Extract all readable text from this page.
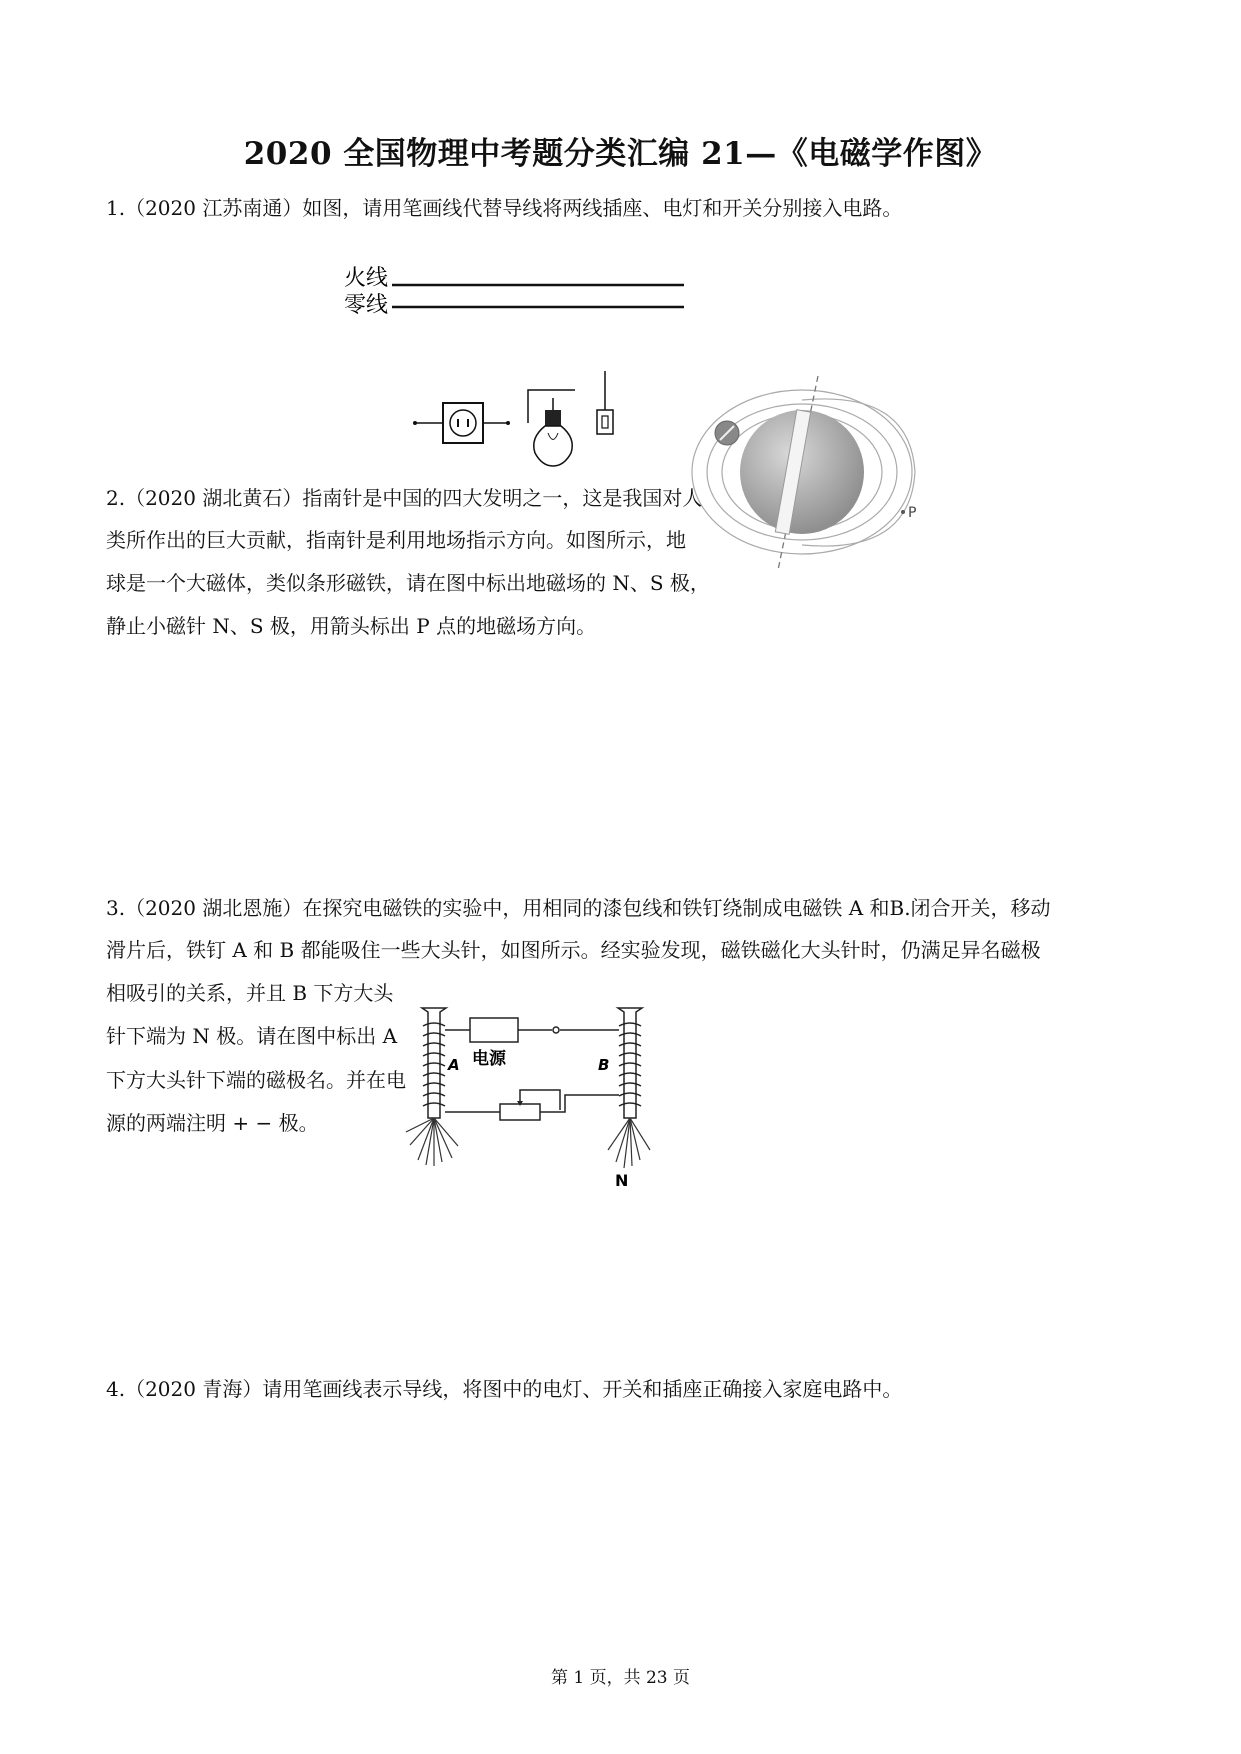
2020 全国物理中考题分类汇编 21—《电磁学作图》
1.（2020 江苏南通）如图，请用笔画线代替导线将两线插座、电灯和开关分别接入电路。
火线
零线
2.（2020 湖北黄石）指南针是中国的四大发明之一，这是我国对人
类所作出的巨大贡献，指南针是利用地场指示方向。如图所示，地
球是一个大磁体，类似条形磁铁，请在图中标出地磁场的 N、S 极，
静止小磁针 N、S 极，用箭头标出 P 点的地磁场方向。
P
3.（2020 湖北恩施）在探究电磁铁的实验中，用相同的漆包线和铁钉绕制成电磁铁 A 和B.闭合开关，移动
滑片后，铁钉 A 和 B 都能吸住一些大头针，如图所示。经实验发现，磁铁磁化大头针时，仍满足异名磁极
相吸引的关系，并且 B 下方大头
针下端为 N 极。请在图中标出 A
下方大头针下端的磁极名。并在电
源的两端注明 + − 极。
电源
A	B
N
4.（2020 青海）请用笔画线表示导线，将图中的电灯、开关和插座正确接入家庭电路中。
第 1 页，共 23 页
